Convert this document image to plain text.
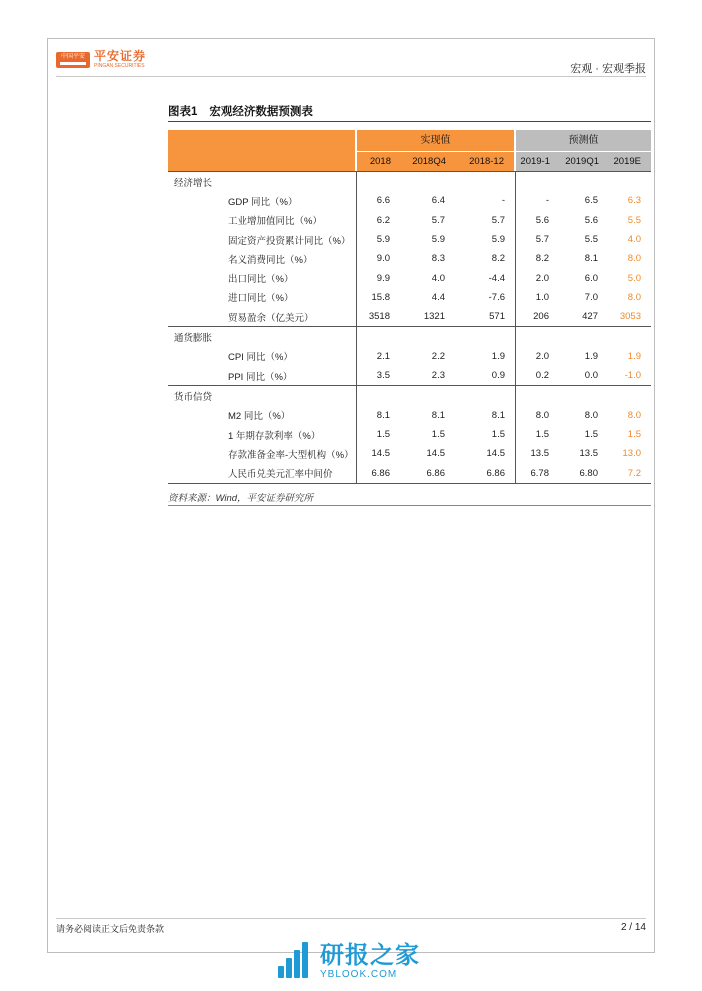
中国平安 平安证券
PINGAN SECURITIES	宏观 · 宏观季报
图表1 宏观经济数据预测表
实现值
2018	2018Q4	2018-12
预测值
2019-1	2019Q1	2019E
经济增长
GDP 同比（%）	6.6	6.4	-	-	6.5	6.3
工业增加值同比（%）	6.2	5.7	5.7	5.6	5.6	5.5
固定资产投资累计同比（%）	5.9	5.9	5.9	5.7	5.5	4.0
名义消费同比（%）	9.0	8.3	8.2	8.2	8.1	8.0
出口同比（%）	9.9	4.0	-4.4	2.0	6.0	5.0
进口同比（%）	15.8	4.4	-7.6	1.0	7.0	8.0
贸易盈余（亿美元）	3518	1321	571	206	427	3053
通货膨胀
CPI 同比（%）	2.1	2.2	1.9	2.0	1.9	1.9
PPI 同比（%）	3.5	2.3	0.9	0.2	0.0	-1.0
货币信贷
M2 同比（%）	8.1	8.1	8.1	8.0	8.0	8.0
1 年期存款利率（%）	1.5	1.5	1.5	1.5	1.5	1.5
存款准备金率-大型机构（%）	14.5	14.5	14.5	13.5	13.5	13.0
人民币兑美元汇率中间价	6.86	6.86	6.86	6.78	6.80	7.2
资料来源：Wind，平安证券研究所
请务必阅读正文后免责条款	2 / 14
研报之家
YBLOOK.COM
